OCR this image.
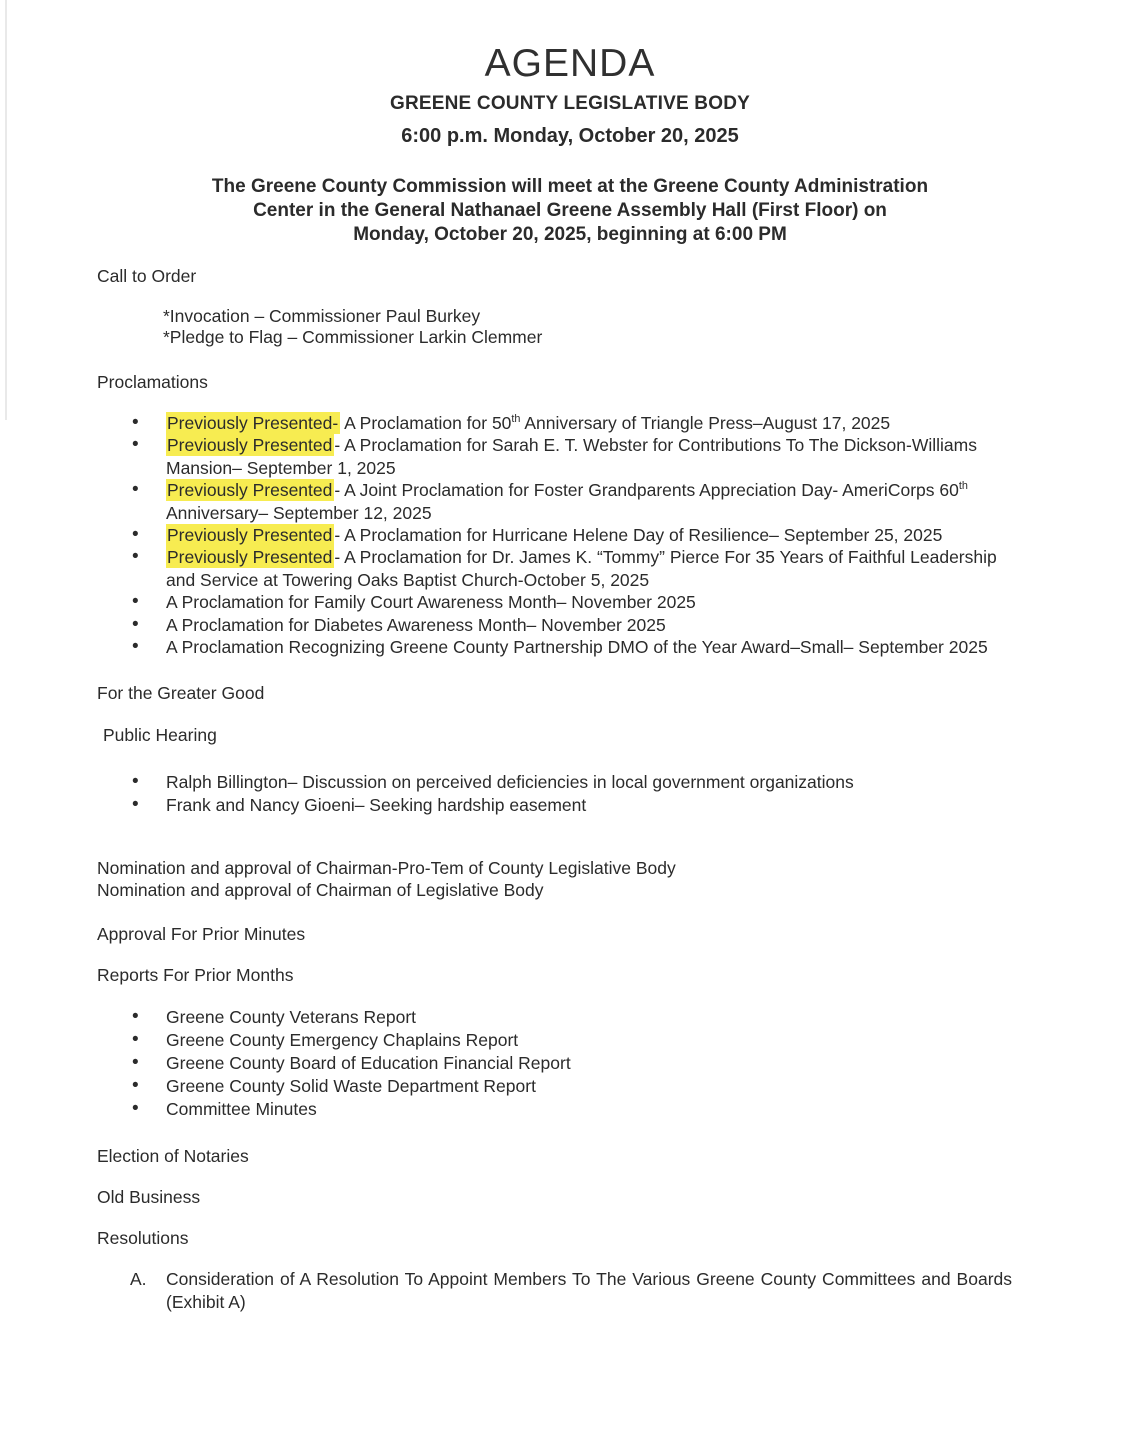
AGENDA
GREENE COUNTY LEGISLATIVE BODY
6:00 p.m. Monday, October 20, 2025

The Greene County Commission will meet at the Greene County Administration
Center in the General Nathanael Greene Assembly Hall (First Floor) on
Monday, October 20, 2025, beginning at 6:00 PM

Call to Order
*Invocation – Commissioner Paul Burkey
*Pledge to Flag – Commissioner Larkin Clemmer
Proclamations
• Previously Presented- A Proclamation for 50th Anniversary of Triangle Press–August 17, 2025
• Previously Presented - A Proclamation for Sarah E. T. Webster for Contributions To The Dickson-Williams Mansion– September 1, 2025
• Previously Presented - A Joint Proclamation for Foster Grandparents Appreciation Day- AmeriCorps 60th Anniversary– September 12, 2025
• Previously Presented - A Proclamation for Hurricane Helene Day of Resilience– September 25, 2025
• Previously Presented - A Proclamation for Dr. James K. “Tommy” Pierce For 35 Years of Faithful Leadership and Service at Towering Oaks Baptist Church-October 5, 2025
• A Proclamation for Family Court Awareness Month– November 2025
• A Proclamation for Diabetes Awareness Month– November 2025
• A Proclamation Recognizing Greene County Partnership DMO of the Year Award–Small– September 2025
For the Greater Good
Public Hearing
• Ralph Billington– Discussion on perceived deficiencies in local government organizations
• Frank and Nancy Gioeni– Seeking hardship easement
Nomination and approval of Chairman-Pro-Tem of County Legislative Body
Nomination and approval of Chairman of Legislative Body
Approval For Prior Minutes
Reports For Prior Months
• Greene County Veterans Report
• Greene County Emergency Chaplains Report
• Greene County Board of Education Financial Report
• Greene County Solid Waste Department Report
• Committee Minutes
Election of Notaries
Old Business
Resolutions
A. Consideration of A Resolution To Appoint Members To The Various Greene County Committees and Boards (Exhibit A)
